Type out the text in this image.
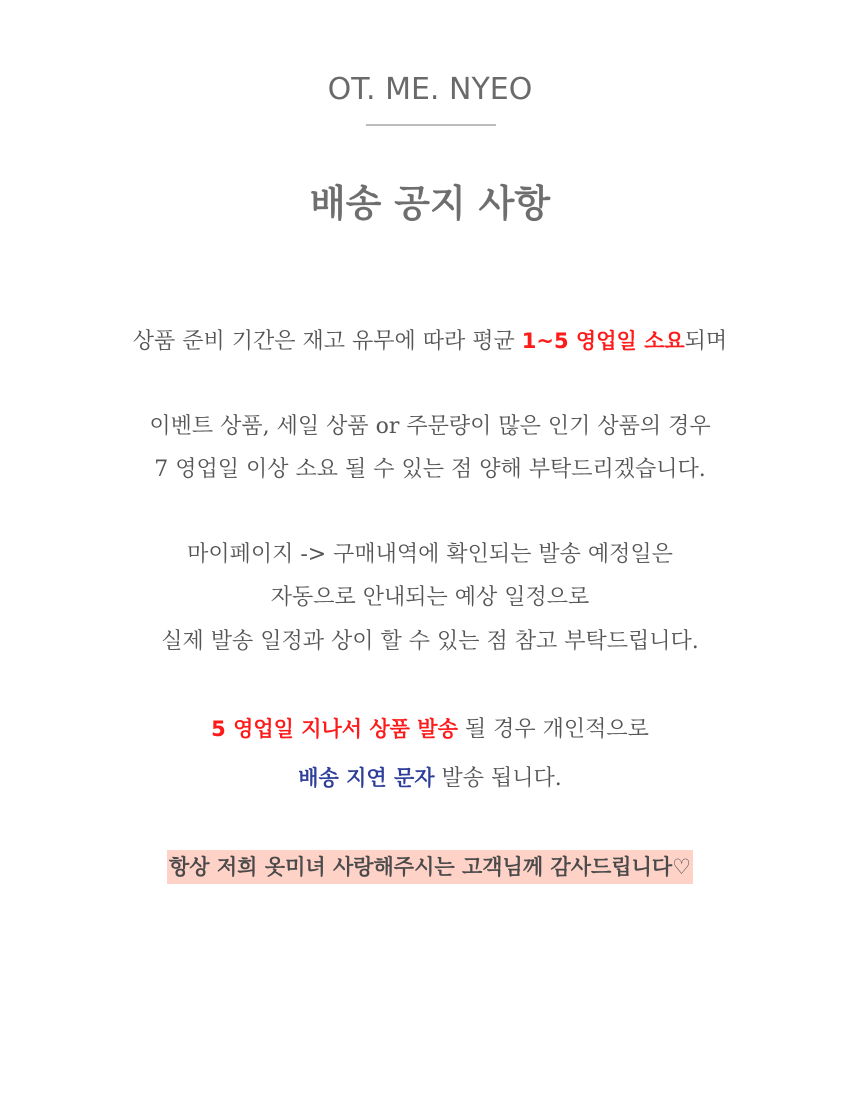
OT. ME. NYEO
배송 공지 사항
상품 준비 기간은 재고 유무에 따라 평균 1~5 영업일 소요되며
이벤트 상품, 세일 상품 or 주문량이 많은 인기 상품의 경우
7 영업일 이상 소요 될 수 있는 점 양해 부탁드리겠습니다.
마이페이지 -> 구매내역에 확인되는 발송 예정일은
자동으로 안내되는 예상 일정으로
실제 발송 일정과 상이 할 수 있는 점 참고 부탁드립니다.
5 영업일 지나서 상품 발송 될 경우 개인적으로
배송 지연 문자 발송 됩니다.
항상 저희 옷미녀 사랑해주시는 고객님께 감사드립니다♡
